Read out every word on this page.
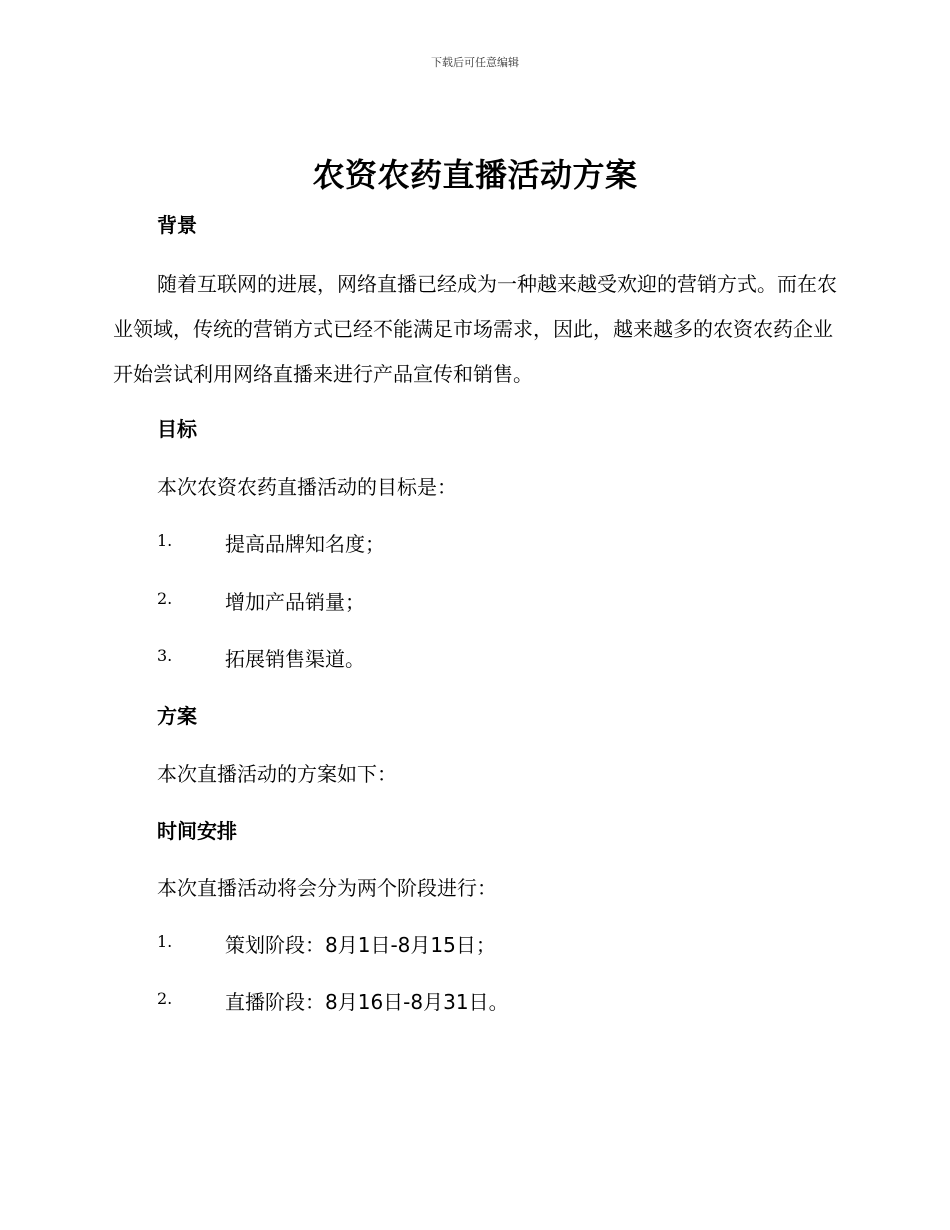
下载后可任意编辑
农资农药直播活动方案
背景
随着互联网的进展，网络直播已经成为一种越来越受欢迎的营销方式。而在农业领域，传统的营销方式已经不能满足市场需求，因此，越来越多的农资农药企业开始尝试利用网络直播来进行产品宣传和销售。
目标
本次农资农药直播活动的目标是：
1.	提高品牌知名度；
2.	增加产品销量；
3.	拓展销售渠道。
方案
本次直播活动的方案如下：
时间安排
本次直播活动将会分为两个阶段进行：
1.	策划阶段：8月1日-8月15日；
2.	直播阶段：8月16日-8月31日。
